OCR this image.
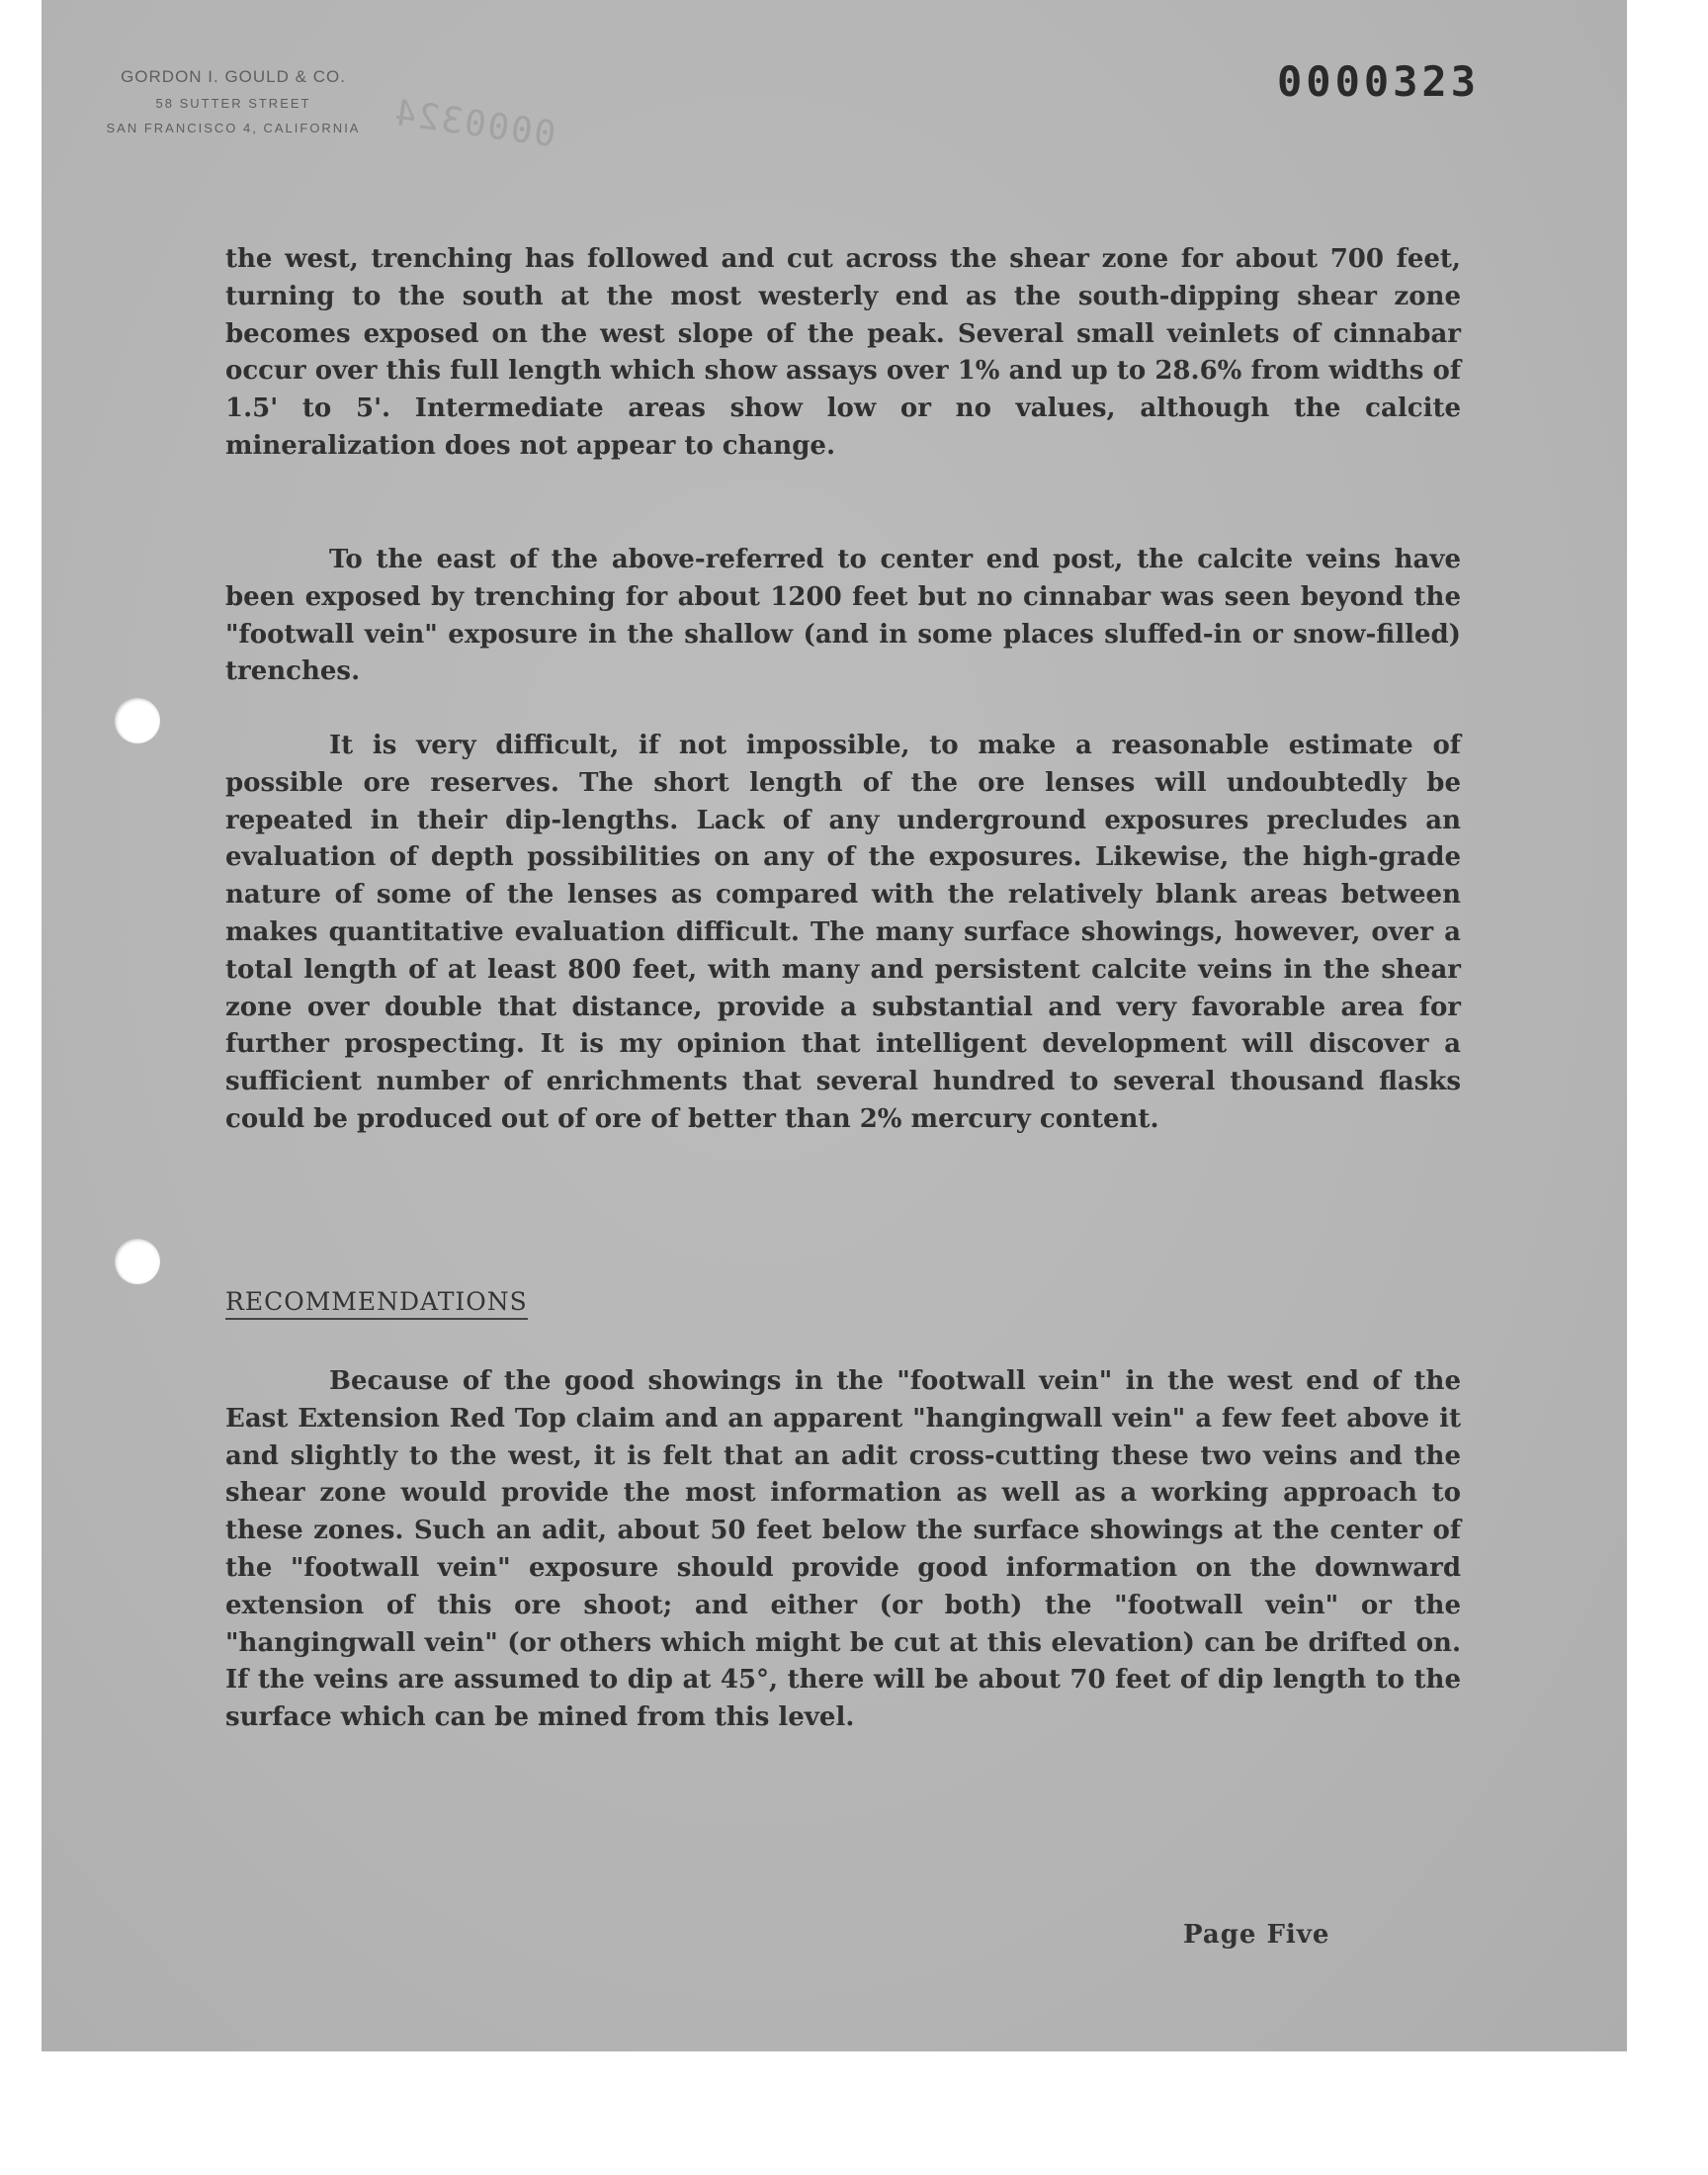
GORDON I. GOULD & CO.
58 SUTTER STREET
SAN FRANCISCO 4, CALIFORNIA 0000324
0000323

the west, trenching has followed and cut across the shear zone for about 700 feet, turning to the south at the most westerly end as the south-dipping shear zone becomes exposed on the west slope of the peak. Several small veinlets of cinnabar occur over this full length which show assays over 1% and up to 28.6% from widths of 1.5' to 5'. Intermediate areas show low or no values, although the calcite mineralization does not appear to change.

To the east of the above-referred to center end post, the calcite veins have been exposed by trenching for about 1200 feet but no cinnabar was seen beyond the "footwall vein" exposure in the shallow (and in some places sluffed-in or snow-filled) trenches.

It is very difficult, if not impossible, to make a reasonable estimate of possible ore reserves. The short length of the ore lenses will undoubtedly be repeated in their dip-lengths. Lack of any underground exposures precludes an evaluation of depth possibilities on any of the exposures. Likewise, the high-grade nature of some of the lenses as compared with the relatively blank areas between makes quantitative evaluation difficult. The many surface showings, however, over a total length of at least 800 feet, with many and persistent calcite veins in the shear zone over double that distance, provide a substantial and very favorable area for further prospecting. It is my opinion that intelligent development will discover a sufficient number of enrichments that several hundred to several thousand flasks could be produced out of ore of better than 2% mercury content.

RECOMMENDATIONS

Because of the good showings in the "footwall vein" in the west end of the East Extension Red Top claim and an apparent "hangingwall vein" a few feet above it and slightly to the west, it is felt that an adit cross-cutting these two veins and the shear zone would provide the most information as well as a working approach to these zones. Such an adit, about 50 feet below the surface showings at the center of the "footwall vein" exposure should provide good information on the downward extension of this ore shoot; and either (or both) the "footwall vein" or the "hangingwall vein" (or others which might be cut at this elevation) can be drifted on. If the veins are assumed to dip at 45°, there will be about 70 feet of dip length to the surface which can be mined from this level.

Page Five
